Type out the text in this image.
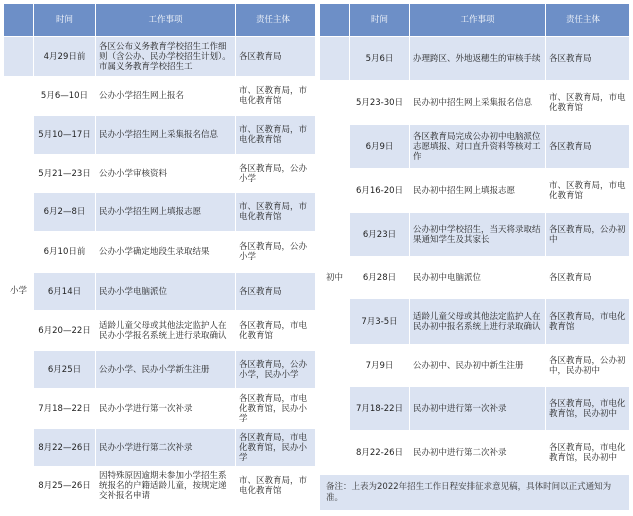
	时间	工作事项	责任主体
	4月29日前	各区公布义务教育学校招生工作细则（含公办、民办学校招生计划）。市属义务教育学校招生工	各区教育局
小学	5月6—10日	公办小学招生网上报名	市、区教育局，市电化教育馆
	5月10—17日	民办小学招生网上采集报名信息	市、区教育局，市电化教育馆
	5月21—23日	公办小学审核资料	各区教育局，公办小学
	6月2—8日	民办小学招生网上填报志愿	市、区教育局，市电化教育馆
	6月10日前	公办小学确定地段生录取结果	各区教育局，公办小学
	6月14日	民办小学电脑派位	各区教育局
	6月20—22日	适龄儿童父母或其他法定监护人在民办小学报名系统上进行录取确认	各区教育局，市电化教育馆
	6月25日	公办小学、民办小学新生注册	各区教育局，公办小学，民办小学
	7月18—22日	民办小学进行第一次补录	各区教育局，市电化教育馆，民办小学
	8月22—26日	民办小学进行第二次补录	各区教育局，市电化教育馆，民办小学
	8月25—26日	因特殊原因逾期未参加小学招生系统报名的户籍适龄儿童，按规定递交补报名申请	市、区教育局，市电化教育馆
	时间	工作事项	责任主体
	5月6日	办理跨区、外地返穗生的审核手续	各区教育局
初中	5月23-30日	民办初中招生网上采集报名信息	市、区教育局，市电化教育馆
	6月9日	各区教育局完成公办初中电脑派位志愿填报、对口直升资料等核对工作	各区教育局
	6月16-20日	民办初中招生网上填报志愿	市、区教育局，市电化教育馆
	6月23日	公办初中学校招生，当天将录取结果通知学生及其家长	各区教育局，公办初中
	6月28日	民办初中电脑派位	各区教育局
	7月3-5日	适龄儿童父母或其他法定监护人在民办初中报名系统上进行录取确认	各区教育局，市电化教育馆
	7月9日	公办初中、民办初中新生注册	各区教育局，公办初中，民办初中
	7月18-22日	民办初中进行第一次补录	各区教育局，市电化教育馆，民办初中
	8月22-26日	民办初中进行第二次补录	各区教育局，市电化教育馆，民办初中
备注：上表为2022年招生工作日程安排征求意见稿，具体时间以正式通知为准。			
